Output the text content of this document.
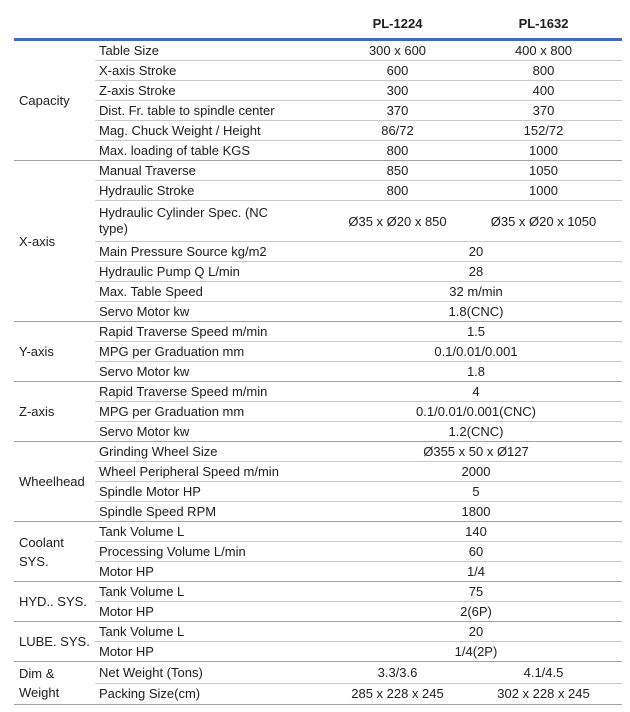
		PL-1224	PL-1632
Capacity	Table Size	300 x 600	400 x 800
	X-axis Stroke	600	800
	Z-axis Stroke	300	400
	Dist. Fr. table to spindle center	370	370
	Mag. Chuck Weight / Height	86/72	152/72
	Max. loading of table KGS	800	1000
X-axis	Manual Traverse	850	1050
	Hydraulic Stroke	800	1000

	Hydraulic Cylinder Spec. (NC type)	Ø35 x Ø20 x 850	Ø35 x Ø20 x 1050
	Main Pressure Source kg/m2	20	
	Hydraulic Pump Q L/min	28	
	Max. Table Speed	32 m/min	
	Servo Motor kw	1.8(CNC)	
Y-axis	Rapid Traverse Speed m/min	1.5	
	MPG per Graduation mm	0.1/0.01/0.001	
	Servo Motor kw	1.8	
Z-axis	Rapid Traverse Speed m/min	4	
	MPG per Graduation mm	0.1/0.01/0.001(CNC)	
	Servo Motor kw	1.2(CNC)	
Wheelhead	Grinding Wheel Size	Ø355 x 50 x Ø127	
	Wheel Peripheral Speed m/min	2000	
	Spindle Motor HP	5	
	Spindle Speed RPM	1800	
Coolant SYS.	Tank Volume L	140	
	Processing Volume L/min	60	
	Motor HP	1/4	
HYD.. SYS.	Tank Volume L	75	
	Motor HP	2(6P)	
LUBE. SYS.	Tank Volume L	20	
	Motor HP	1/4(2P)	
Dim & Weight	Net Weight (Tons)	3.3/3.6	4.1/4.5
	Packing Size(cm)	285 x 228 x 245	302 x 228 x 245
